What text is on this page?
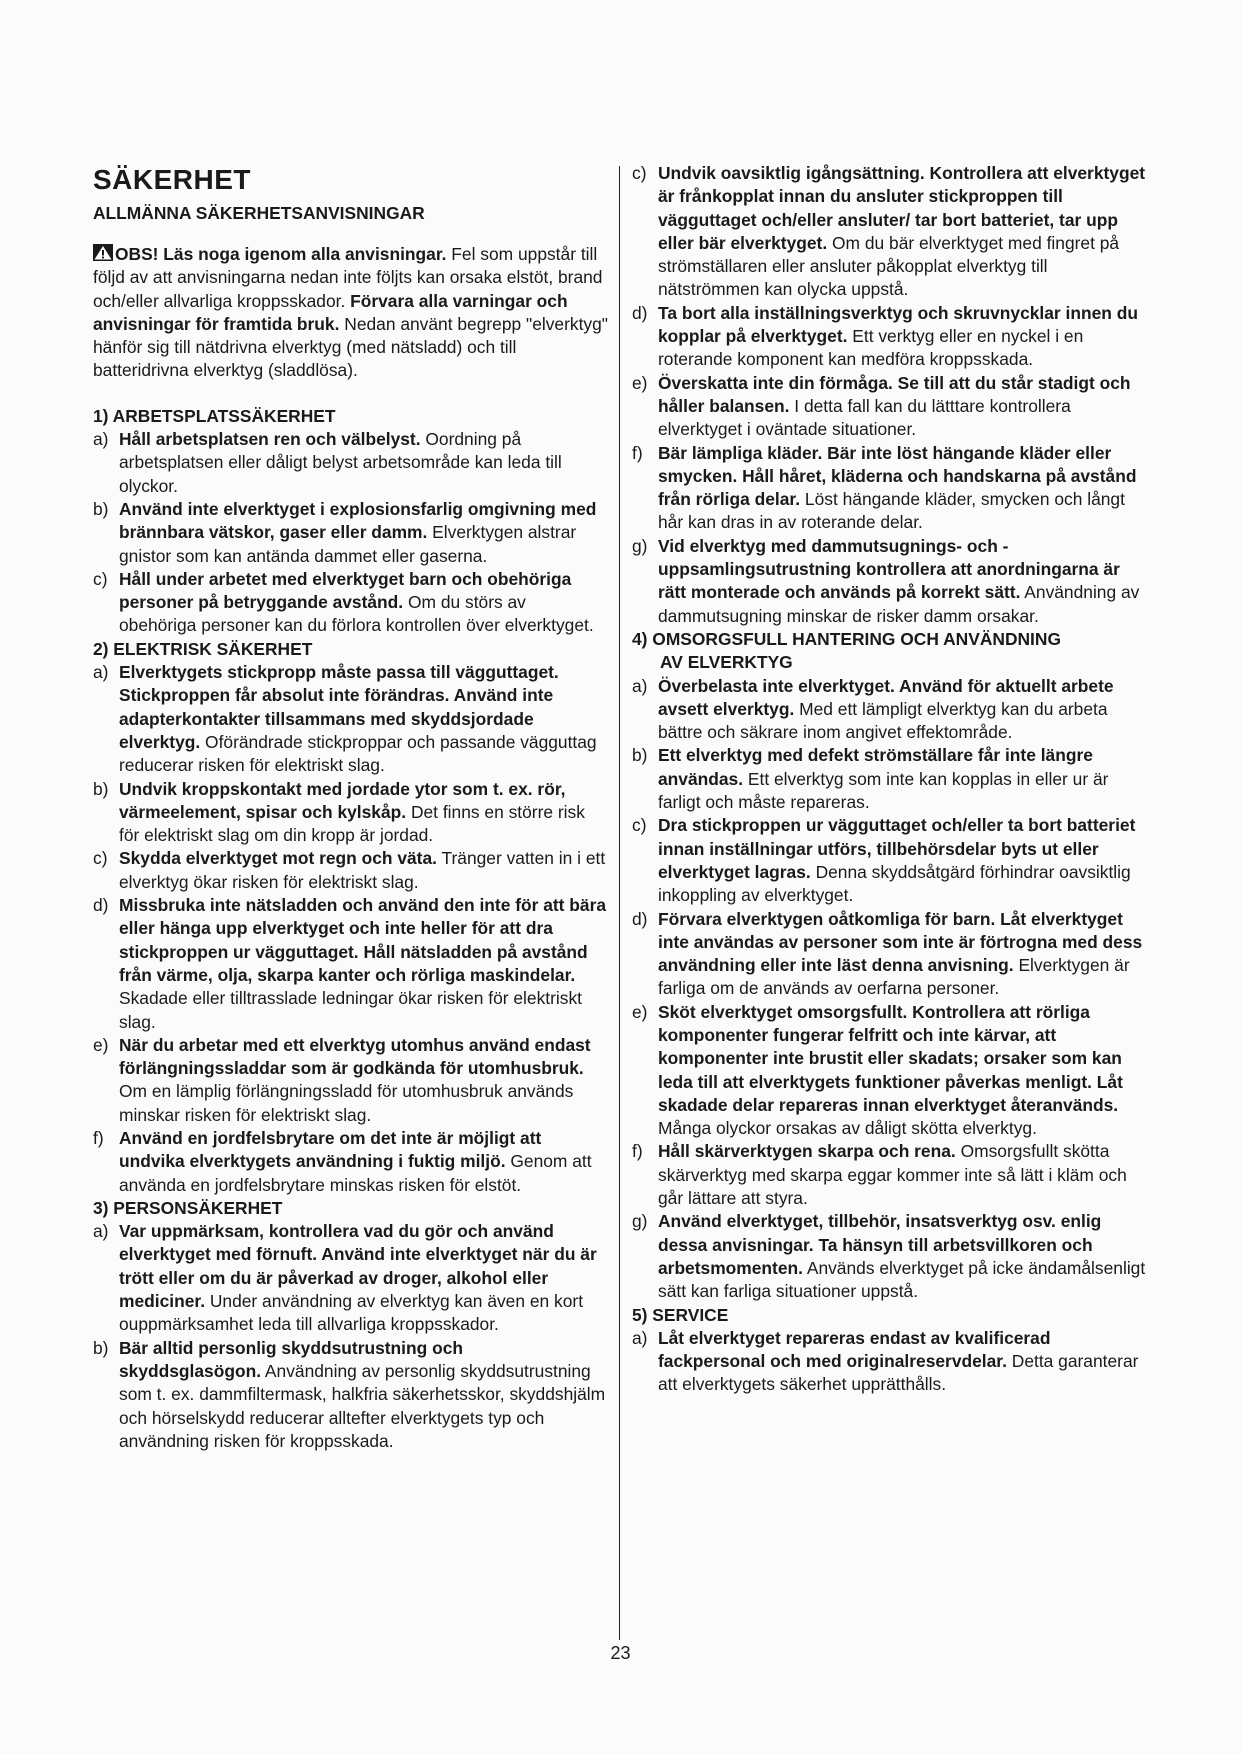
SÄKERHET
ALLMÄNNA SÄKERHETSANVISNINGAR

OBS! Läs noga igenom alla anvisningar. Fel som uppstår till följd av att anvisningarna nedan inte följts kan orsaka elstöt, brand och/eller allvarliga kroppsskador. Förvara alla varningar och anvisningar för framtida bruk. Nedan använt begrepp "elverktyg" hänför sig till nätdrivna elverktyg (med nätsladd) och till batteridrivna elverktyg (sladdlösa).

1) ARBETSPLATSSÄKERHET

a) Håll arbetsplatsen ren och välbelyst. Oordning på arbetsplatsen eller dåligt belyst arbetsområde kan leda till olyckor.
b) Använd inte elverktyget i explosionsfarlig omgivning med brännbara vätskor, gaser eller damm. Elverktygen alstrar gnistor som kan antända dammet eller gaserna.
c) Håll under arbetet med elverktyget barn och obehöriga personer på betryggande avstånd. Om du störs av obehöriga personer kan du förlora kontrollen över elverktyget.

2) ELEKTRISK SÄKERHET

a) Elverktygets stickpropp måste passa till vägguttaget. Stickproppen får absolut inte förändras. Använd inte adapterkontakter tillsammans med skyddsjordade elverktyg. Oförändrade stickproppar och passande vägguttag reducerar risken för elektriskt slag.
b) Undvik kroppskontakt med jordade ytor som t. ex. rör, värmeelement, spisar och kylskåp. Det finns en större risk för elektriskt slag om din kropp är jordad.
c) Skydda elverktyget mot regn och väta. Tränger vatten in i ett elverktyg ökar risken för elektriskt slag.
d) Missbruka inte nätsladden och använd den inte för att bära eller hänga upp elverktyget och inte heller för att dra stickproppen ur vägguttaget. Håll nätsladden på avstånd från värme, olja, skarpa kanter och rörliga maskindelar. Skadade eller tilltrasslade ledningar ökar risken för elektriskt slag.
e) När du arbetar med ett elverktyg utomhus använd endast förlängningssladdar som är godkända för utomhusbruk. Om en lämplig förlängningssladd för utomhusbruk används minskar risken för elektriskt slag.
f) Använd en jordfelsbrytare om det inte är möjligt att undvika elverktygets användning i fuktig miljö. Genom att använda en jordfelsbrytare minskas risken för elstöt.

3) PERSONSÄKERHET

a) Var uppmärksam, kontrollera vad du gör och använd elverktyget med förnuft. Använd inte elverktyget när du är trött eller om du är påverkad av droger, alkohol eller mediciner. Under användning av elverktyg kan även en kort ouppmärksamhet leda till allvarliga kroppsskador.
b) Bär alltid personlig skyddsutrustning och skyddsglasögon. Användning av personlig skyddsutrustning som t. ex. dammfiltermask, halkfria säkerhetsskor, skyddshjälm och hörselskydd reducerar alltefter elverktygets typ och användning risken för kroppsskada.
c) Undvik oavsiktlig igångsättning. Kontrollera att elverktyget är frånkopplat innan du ansluter stickproppen till vägguttaget och/eller ansluter/ tar bort batteriet, tar upp eller bär elverktyget. Om du bär elverktyget med fingret på strömställaren eller ansluter påkopplat elverktyg till nätströmmen kan olycka uppstå.
d) Ta bort alla inställningsverktyg och skruvnycklar innen du kopplar på elverktyget. Ett verktyg eller en nyckel i en roterande komponent kan medföra kroppsskada.
e) Överskatta inte din förmåga. Se till att du står stadigt och håller balansen. I detta fall kan du lätttare kontrollera elverktyget i oväntade situationer.
f) Bär lämpliga kläder. Bär inte löst hängande kläder eller smycken. Håll håret, kläderna och handskarna på avstånd från rörliga delar. Löst hängande kläder, smycken och långt hår kan dras in av roterande delar.
g) Vid elverktyg med dammutsugnings- och -uppsamlingsutrustning kontrollera att anordningarna är rätt monterade och används på korrekt sätt. Användning av dammutsugning minskar de risker damm orsakar.

4) OMSORGSFULL HANTERING OCH ANVÄNDNING

AV ELVERKTYG

a) Överbelasta inte elverktyget. Använd för aktuellt arbete avsett elverktyg. Med ett lämpligt elverktyg kan du arbeta bättre och säkrare inom angivet effektområde.
b) Ett elverktyg med defekt strömställare får inte längre användas. Ett elverktyg som inte kan kopplas in eller ur är farligt och måste repareras.
c) Dra stickproppen ur vägguttaget och/eller ta bort batteriet innan inställningar utförs, tillbehörsdelar byts ut eller elverktyget lagras. Denna skyddsåtgärd förhindrar oavsiktlig inkoppling av elverktyget.
d) Förvara elverktygen oåtkomliga för barn. Låt elverktyget inte användas av personer som inte är förtrogna med dess användning eller inte läst denna anvisning. Elverktygen är farliga om de används av oerfarna personer.
e) Sköt elverktyget omsorgsfullt. Kontrollera att rörliga komponenter fungerar felfritt och inte kärvar, att komponenter inte brustit eller skadats; orsaker som kan leda till att elverktygets funktioner påverkas menligt. Låt skadade delar repareras innan elverktyget återanvänds. Många olyckor orsakas av dåligt skötta elverktyg.
f) Håll skärverktygen skarpa och rena. Omsorgsfullt skötta skärverktyg med skarpa eggar kommer inte så lätt i kläm och går lättare att styra.
g) Använd elverktyget, tillbehör, insatsverktyg osv. enlig dessa anvisningar. Ta hänsyn till arbetsvillkoren och arbetsmomenten. Används elverktyget på icke ändamålsenligt sätt kan farliga situationer uppstå.

5) SERVICE

a) Låt elverktyget repareras endast av kvalificerad fackpersonal och med originalreservdelar. Detta garanterar att elverktygets säkerhet upprätthålls.
23
